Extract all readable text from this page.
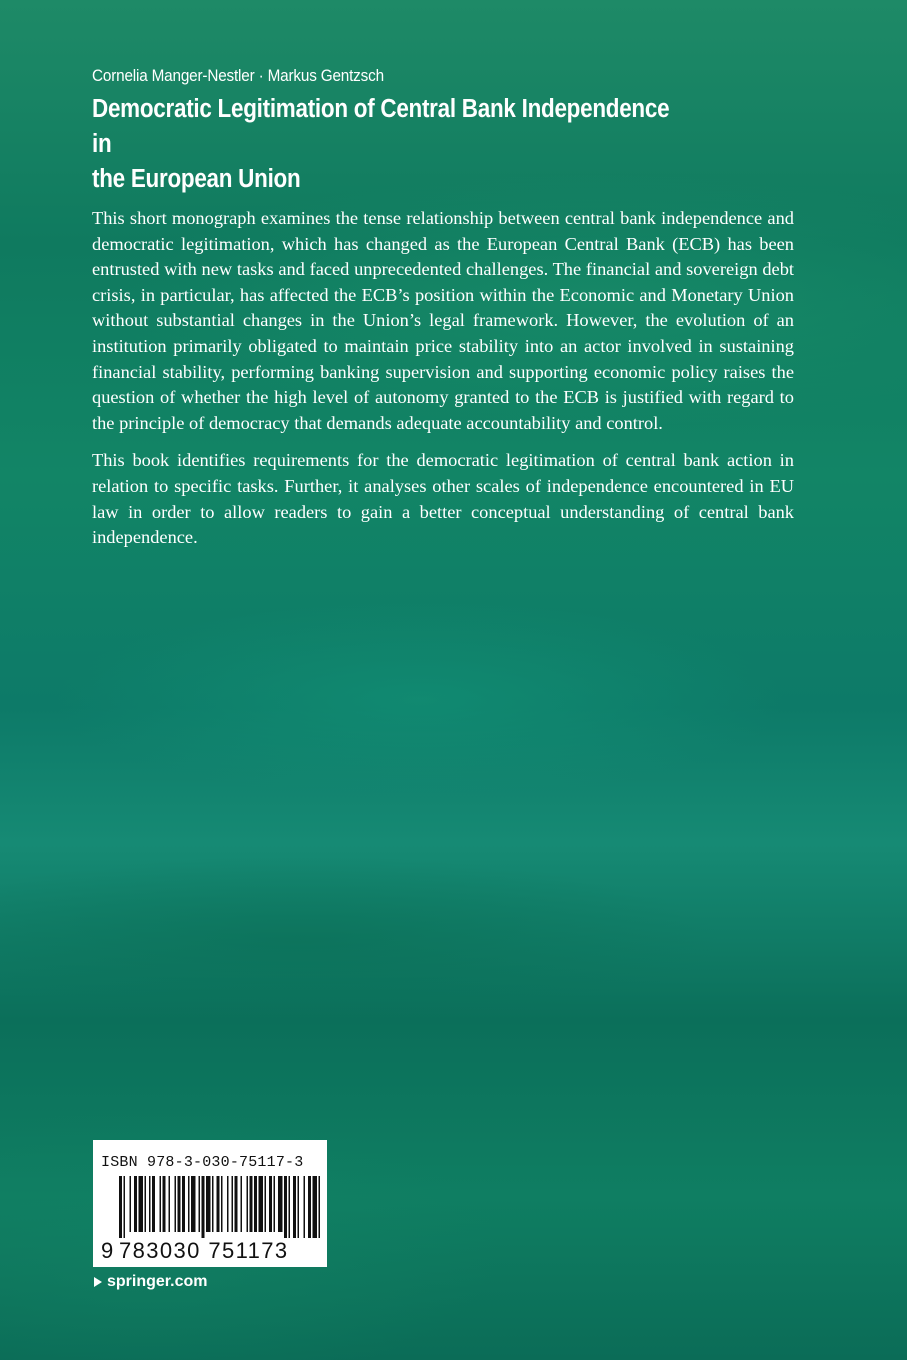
Cornelia Manger-Nestler · Markus Gentzsch
Democratic Legitimation of Central Bank Independence in
the European Union

This short monograph examines the tense relationship between central bank independence and democratic legitimation, which has changed as the European Central Bank (ECB) has been entrusted with new tasks and faced unprecedented challenges. The financial and sovereign debt crisis, in particular, has affected the ECB’s position within the Economic and Monetary Union without substantial changes in the Union’s legal framework. However, the evolution of an institution primarily obligated to maintain price stability into an actor involved in sustaining financial stability, performing banking supervision and supporting economic policy raises the question of whether the high level of autonomy granted to the ECB is justified with regard to the principle of democracy that demands adequate accountability and control.

This book identifies requirements for the democratic legitimation of central bank action in relation to specific tasks. Further, it analyses other scales of independence encountered in EU law in order to allow readers to gain a better conceptual understanding of central bank independence.

ISBN 978-3-030-75117-3
9 783030 751173
springer.com
